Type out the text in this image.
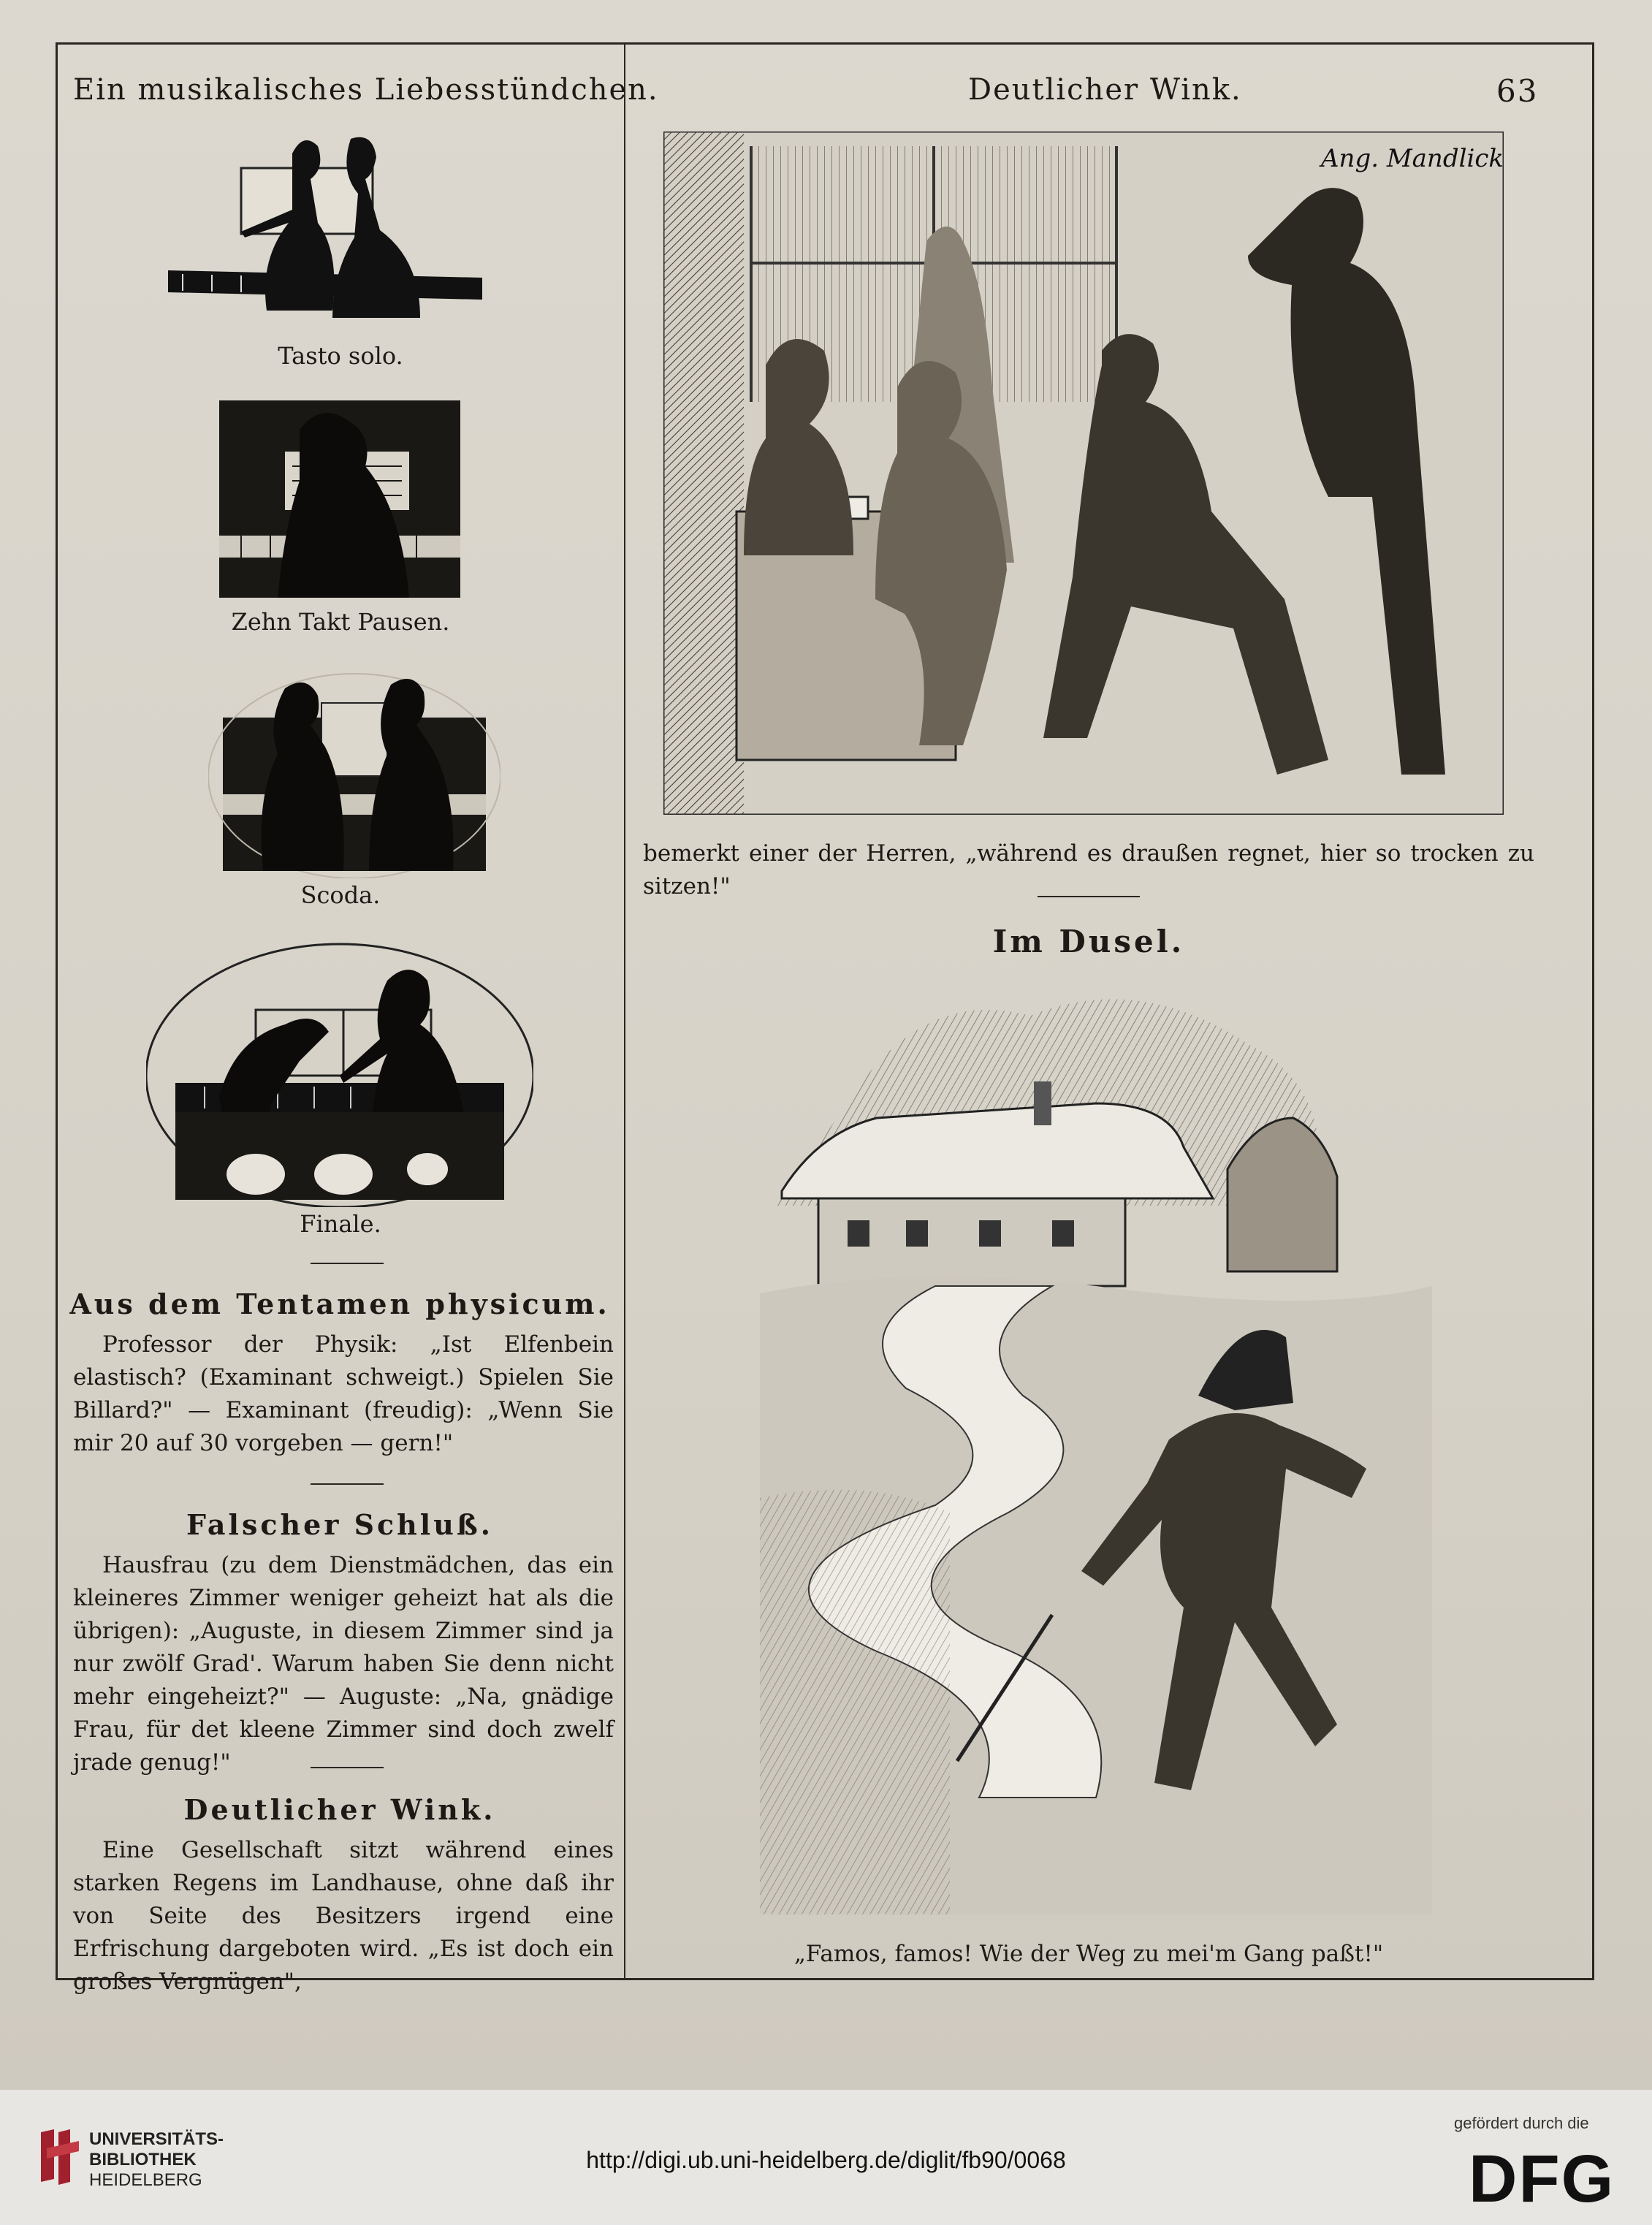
Ein musikalisches Liebesstündchen.	Deutlicher Wink.	63
Tasto solo.
Zehn Takt Pausen.
Scoda.
Finale.
Aus dem Tentamen physicum.

Professor der Physik: „Ist Elfenbein elastisch? (Examinant schweigt.) Spielen Sie Billard?" — Examinant (freudig): „Wenn Sie mir 20 auf 30 vorgeben — gern!"

Falscher Schluß.

Hausfrau (zu dem Dienstmädchen, das ein kleineres Zimmer weniger geheizt hat als die übrigen): „Auguste, in diesem Zimmer sind ja nur zwölf Grad'. Warum haben Sie denn nicht mehr eingeheizt?" — Auguste: „Na, gnädige Frau, für det kleene Zimmer sind doch zwelf jrade genug!"

Deutlicher Wink.

Eine Gesellschaft sitzt während eines starken Regens im Landhause, ohne daß ihr von Seite des Besitzers irgend eine Erfrischung dargeboten wird. „Es ist doch ein großes Vergnügen",

Ang. Mandlick
bemerkt einer der Herren, „während es draußen regnet, hier so trocken zu sitzen!"
Im Dusel.
„Famos, famos! Wie der Weg zu mei'm Gang paßt!"
UNIVERSITÄTS-
BIBLIOTHEK
HEIDELBERG
http://digi.ub.uni-heidelberg.de/diglit/fb90/0068
gefördert durch die
DFG
